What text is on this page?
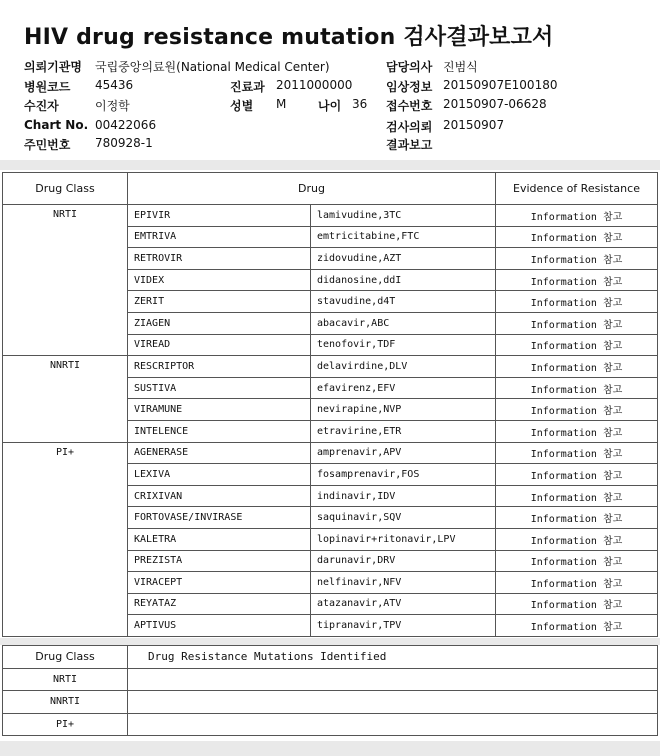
HIV drug resistance mutation 검사결과보고서
의뢰기관명 국립중앙의료원(National Medical Center)
병원코드 45436
수진자	이정학
Chart No. 00422066
주민번호 780928-1
진료과 2011000000
성별 M	나이 36
담당의사 진범식
임상정보 20150907E100180
접수번호 20150907-06628
검사의뢰 20150907
결과보고
Drug Class	Drug		Evidence of Resistance
NRTI	EPIVIR	lamivudine,3TC	Information 참고
	EMTRIVA	emtricitabine,FTC	Information 참고
	RETROVIR	zidovudine,AZT	Information 참고
	VIDEX	didanosine,ddI	Information 참고
	ZERIT	stavudine,d4T	Information 참고
	ZIAGEN	abacavir,ABC	Information 참고
	VIREAD	tenofovir,TDF	Information 참고
NNRTI	RESCRIPTOR	delavirdine,DLV	Information 참고
	SUSTIVA	efavirenz,EFV	Information 참고
	VIRAMUNE	nevirapine,NVP	Information 참고
	INTELENCE	etravirine,ETR	Information 참고
PI+	AGENERASE	amprenavir,APV	Information 참고
	LEXIVA	fosamprenavir,FOS	Information 참고
	CRIXIVAN	indinavir,IDV	Information 참고
	FORTOVASE/INVIRASE	saquinavir,SQV	Information 참고
	KALETRA	lopinavir+ritonavir,LPV	Information 참고
	PREZISTA	darunavir,DRV	Information 참고
	VIRACEPT	nelfinavir,NFV	Information 참고
	REYATAZ	atazanavir,ATV	Information 참고
	APTIVUS	tipranavir,TPV	Information 참고
Drug Class	Drug Resistance Mutations Identified
NRTI	
NNRTI	
PI+	
